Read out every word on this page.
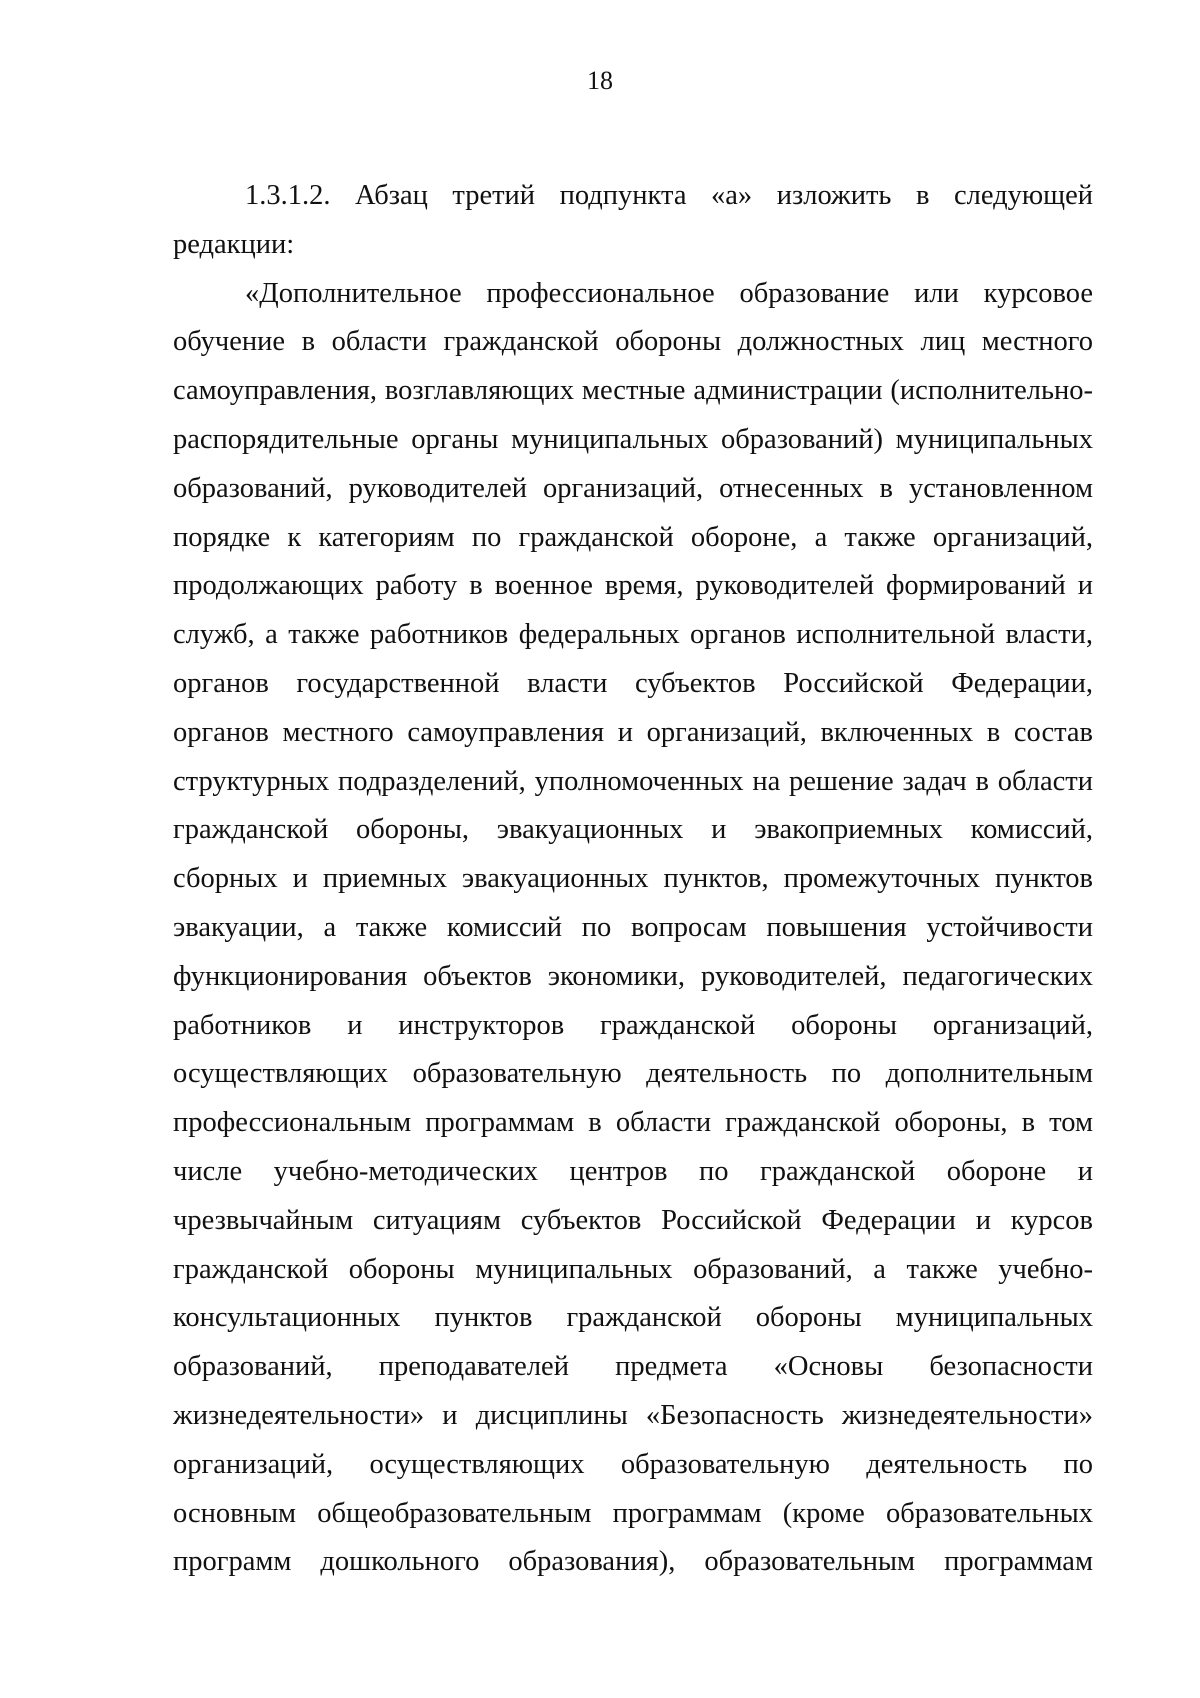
18
1.3.1.2. Абзац третий подпункта «а» изложить в следующей
редакции:
«Дополнительное профессиональное образование или курсовое
обучение в области гражданской обороны должностных лиц местного
самоуправления, возглавляющих местные администрации (исполнительно-
распорядительные органы муниципальных образований) муниципальных
образований, руководителей организаций, отнесенных в установленном
порядке к категориям по гражданской обороне, а также организаций,
продолжающих работу в военное время, руководителей формирований и
служб, а также работников федеральных органов исполнительной власти,
органов государственной власти субъектов Российской Федерации,
органов местного самоуправления и организаций, включенных в состав
структурных подразделений, уполномоченных на решение задач в области
гражданской обороны, эвакуационных и эвакоприемных комиссий,
сборных и приемных эвакуационных пунктов, промежуточных пунктов
эвакуации, а также комиссий по вопросам повышения устойчивости
функционирования объектов экономики, руководителей, педагогических
работников и инструкторов гражданской обороны организаций,
осуществляющих образовательную деятельность по дополнительным
профессиональным программам в области гражданской обороны, в том
числе учебно-методических центров по гражданской обороне и
чрезвычайным ситуациям субъектов Российской Федерации и курсов
гражданской обороны муниципальных образований, а также учебно-
консультационных пунктов гражданской обороны муниципальных
образований, преподавателей предмета «Основы безопасности
жизнедеятельности» и дисциплины «Безопасность жизнедеятельности»
организаций, осуществляющих образовательную деятельность по
основным общеобразовательным программам (кроме образовательных
программ дошкольного образования), образовательным программам
